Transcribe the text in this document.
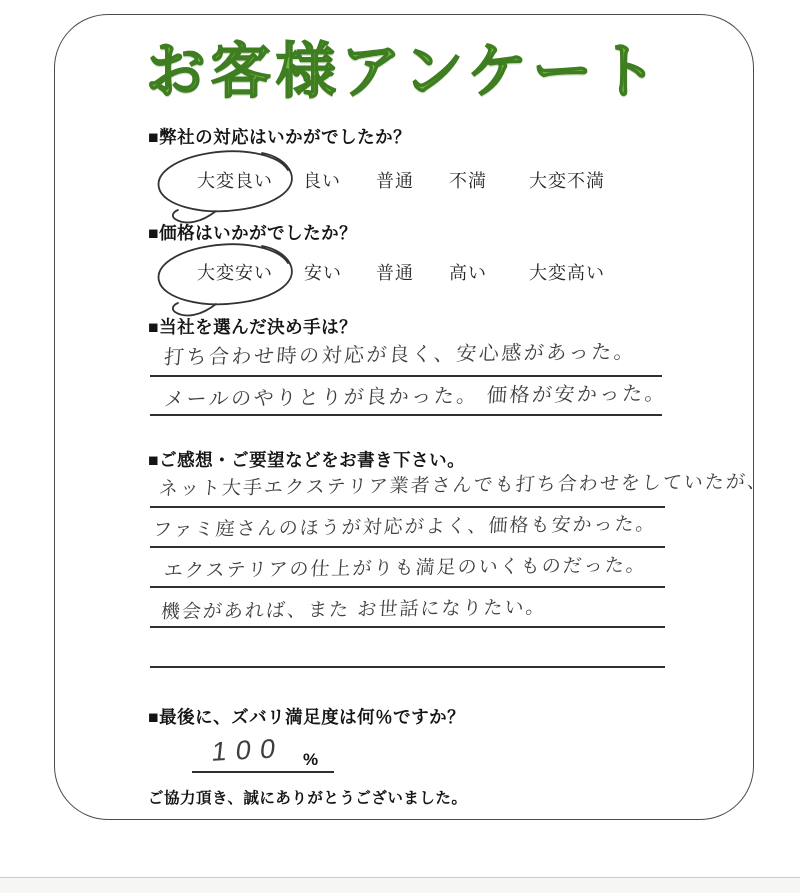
お客様アンケート
■弊社の対応はいかがでしたか？
大変良い 良い 普通 不満 大変不満
■価格はいかがでしたか？
大変安い 安い 普通 高い 大変高い
■当社を選んだ決め手は？
打ち合わせ時の対応が良く、安心感があった。
メールのやりとりが良かった。 価格が安かった。
■ご感想・ご要望などをお書き下さい。
ネット大手エクステリア業者さんでも打ち合わせをしていたが、
ファミ庭さんのほうが対応がよく、価格も安かった。
エクステリアの仕上がりも満足のいくものだった。
機会があれば、また お世話になりたい。
■最後に、ズバリ満足度は何％ですか？
100 %
ご協力頂き、誠にありがとうございました。
